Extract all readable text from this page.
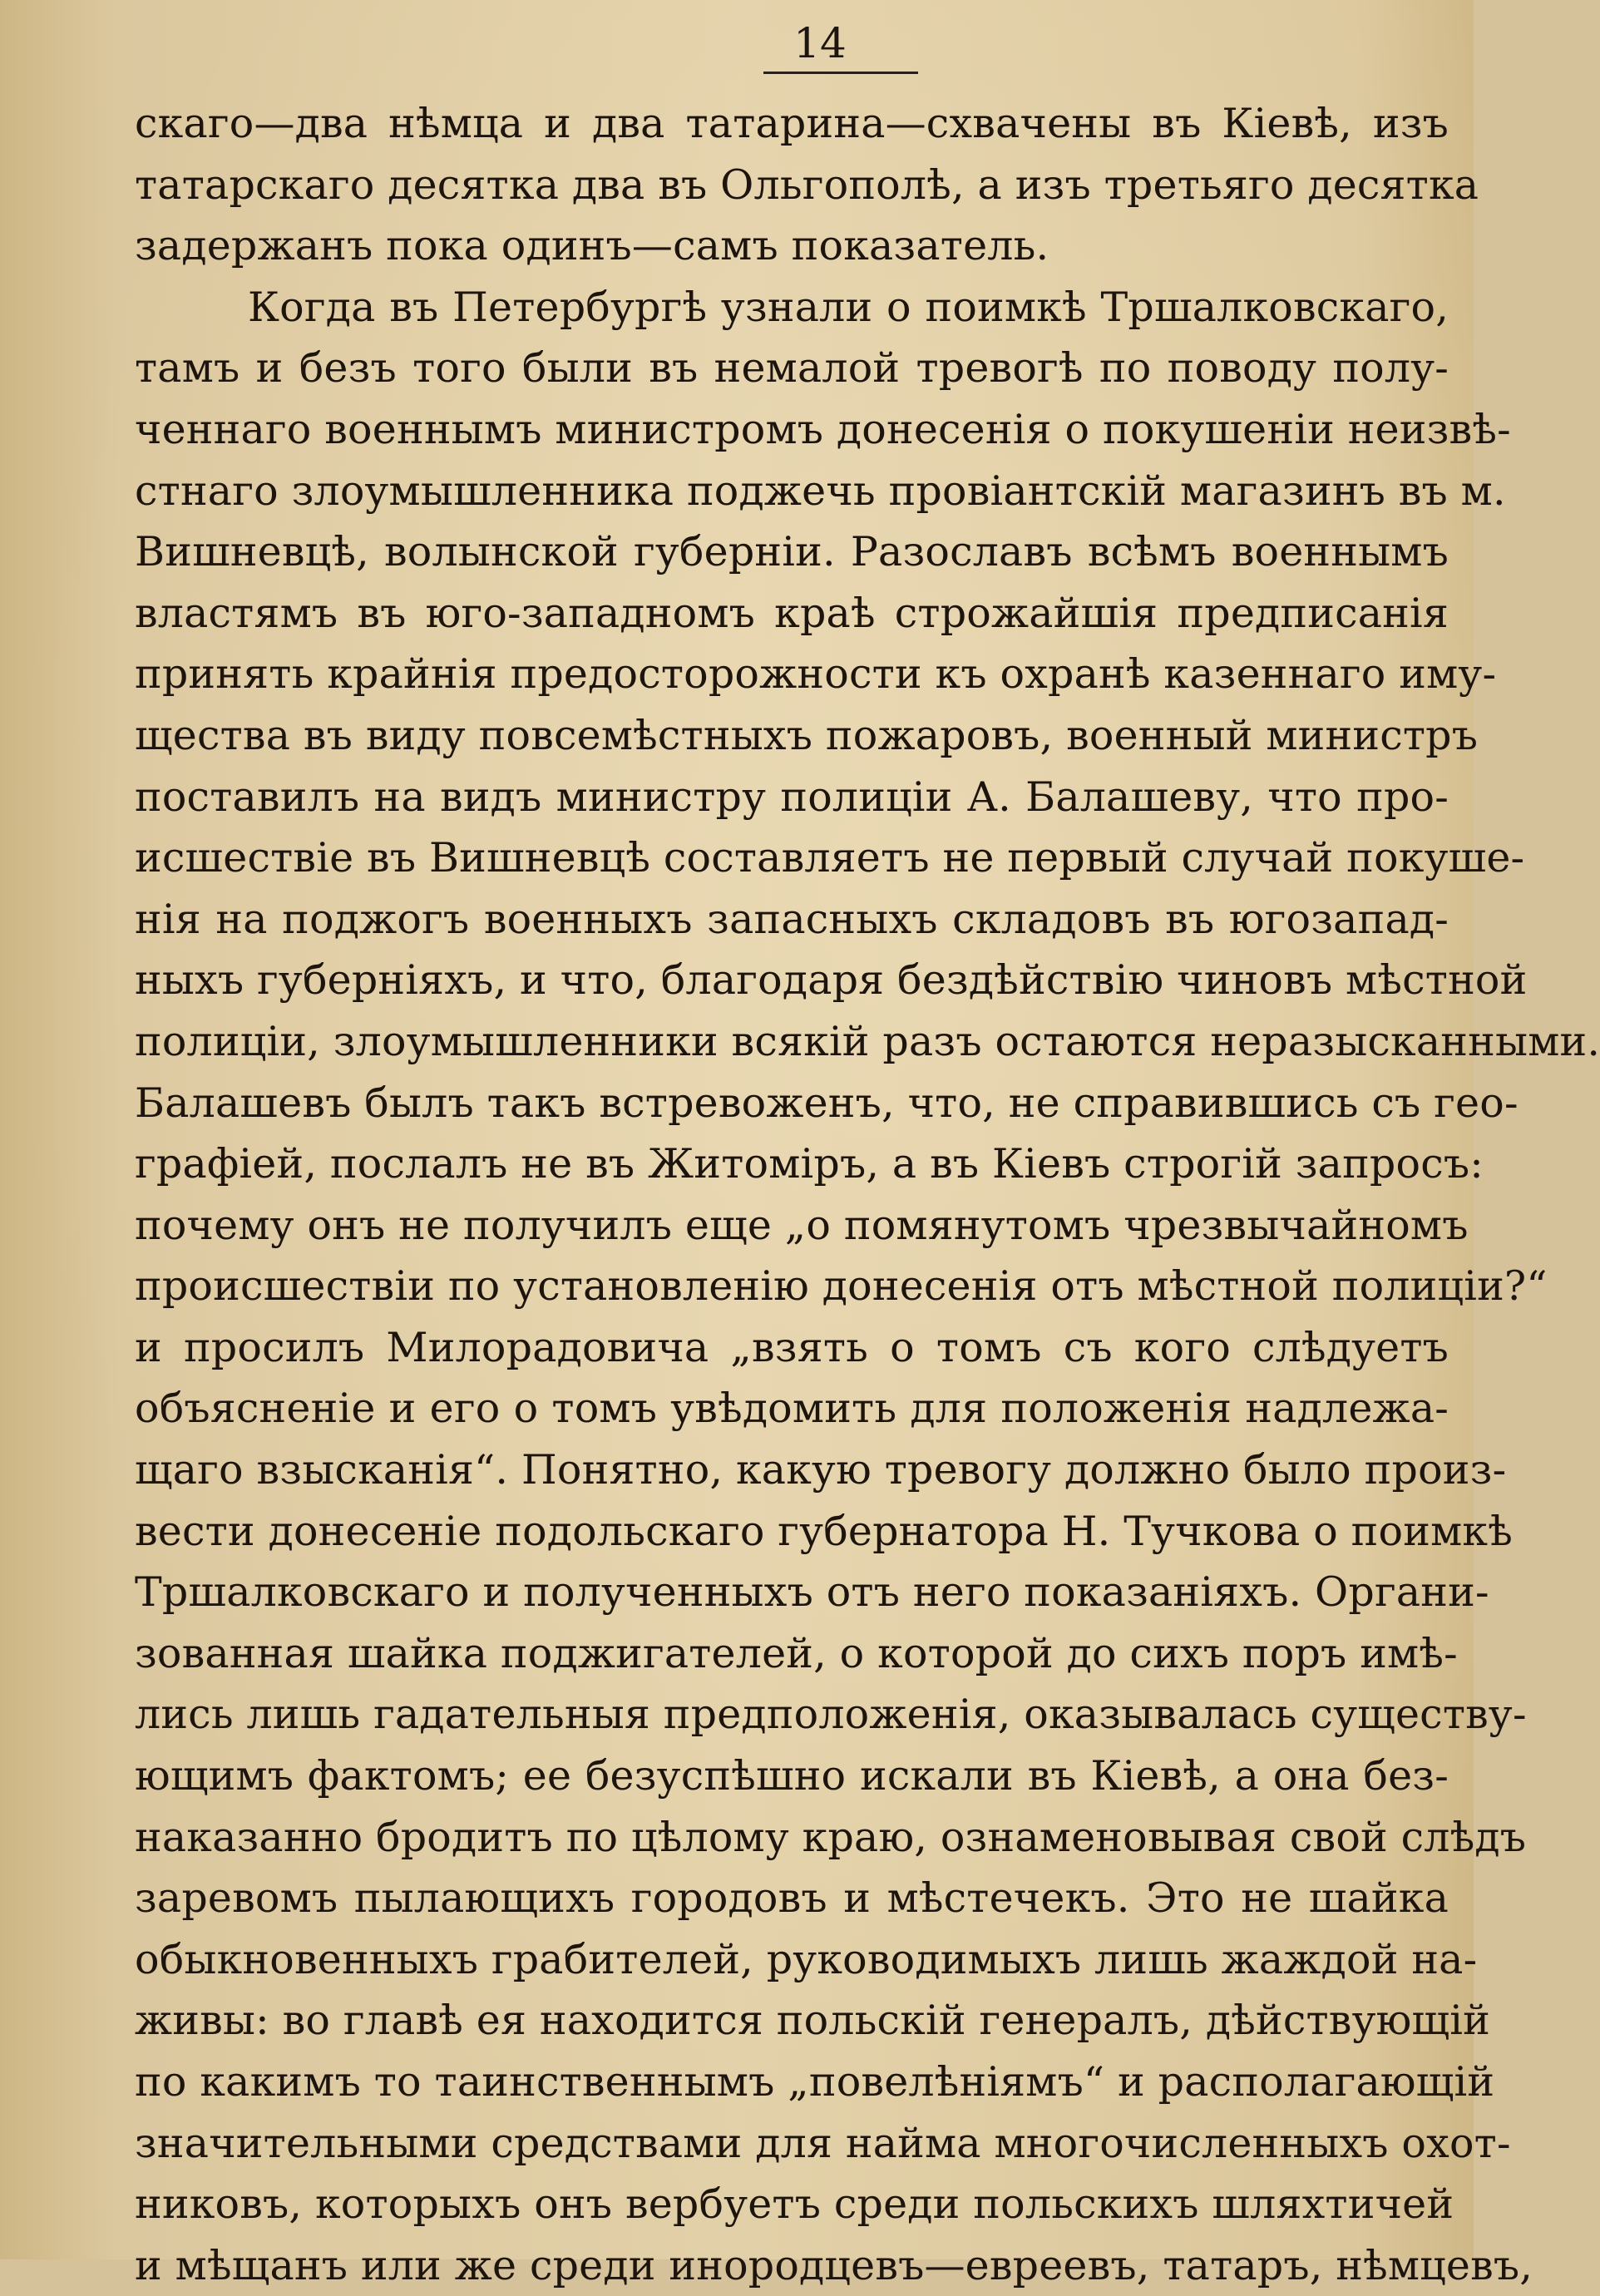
14
скаго—два нѣмца и два татарина—схвачены въ Кіевѣ, изъ
татарскаго десятка два въ Ольгополѣ, а изъ третьяго десятка
задержанъ пока одинъ—самъ показатель.
Когда въ Петербургѣ узнали о поимкѣ Тршалковскаго,
тамъ и безъ того были въ немалой тревогѣ по поводу полу-
ченнаго военнымъ министромъ донесенія о покушеніи неизвѣ-
стнаго злоумышленника поджечь провіантскій магазинъ въ м.
Вишневцѣ, волынской губерніи. Разославъ всѣмъ военнымъ
властямъ въ юго-западномъ краѣ строжайшія предписанія
принять крайнія предосторожности къ охранѣ казеннаго иму-
щества въ виду повсемѣстныхъ пожаровъ, военный министръ
поставилъ на видъ министру полиціи А. Балашеву, что про-
исшествіе въ Вишневцѣ составляетъ не первый случай покуше-
нія на поджогъ военныхъ запасныхъ складовъ въ югозапад-
ныхъ губерніяхъ, и что, благодаря бездѣйствію чиновъ мѣстной
полиціи, злоумышленники всякій разъ остаются неразысканными.
Балашевъ былъ такъ встревоженъ, что, не справившись съ гео-
графіей, послалъ не въ Житоміръ, а въ Кіевъ строгій запросъ:
почему онъ не получилъ еще „о помянутомъ чрезвычайномъ
происшествіи по установленію донесенія отъ мѣстной полиціи?“
и просилъ Милорадовича „взять о томъ съ кого слѣдуетъ
объясненіе и его о томъ увѣдомить для положенія надлежа-
щаго взысканія“. Понятно, какую тревогу должно было произ-
вести донесеніе подольскаго губернатора Н. Тучкова о поимкѣ
Тршалковскаго и полученныхъ отъ него показаніяхъ. Органи-
зованная шайка поджигателей, о которой до сихъ поръ имѣ-
лись лишь гадательныя предположенія, оказывалась существу-
ющимъ фактомъ; ее безуспѣшно искали въ Кіевѣ, а она без-
наказанно бродитъ по цѣлому краю, ознаменовывая свой слѣдъ
заревомъ пылающихъ городовъ и мѣстечекъ. Это не шайка
обыкновенныхъ грабителей, руководимыхъ лишь жаждой на-
живы: во главѣ ея находится польскій генералъ, дѣйствующій
по какимъ то таинственнымъ „повелѣніямъ“ и располагающій
значительными средствами для найма многочисленныхъ охот-
никовъ, которыхъ онъ вербуетъ среди польскихъ шляхтичей
и мѣщанъ или же среди инородцевъ—евреевъ, татаръ, нѣмцевъ,
